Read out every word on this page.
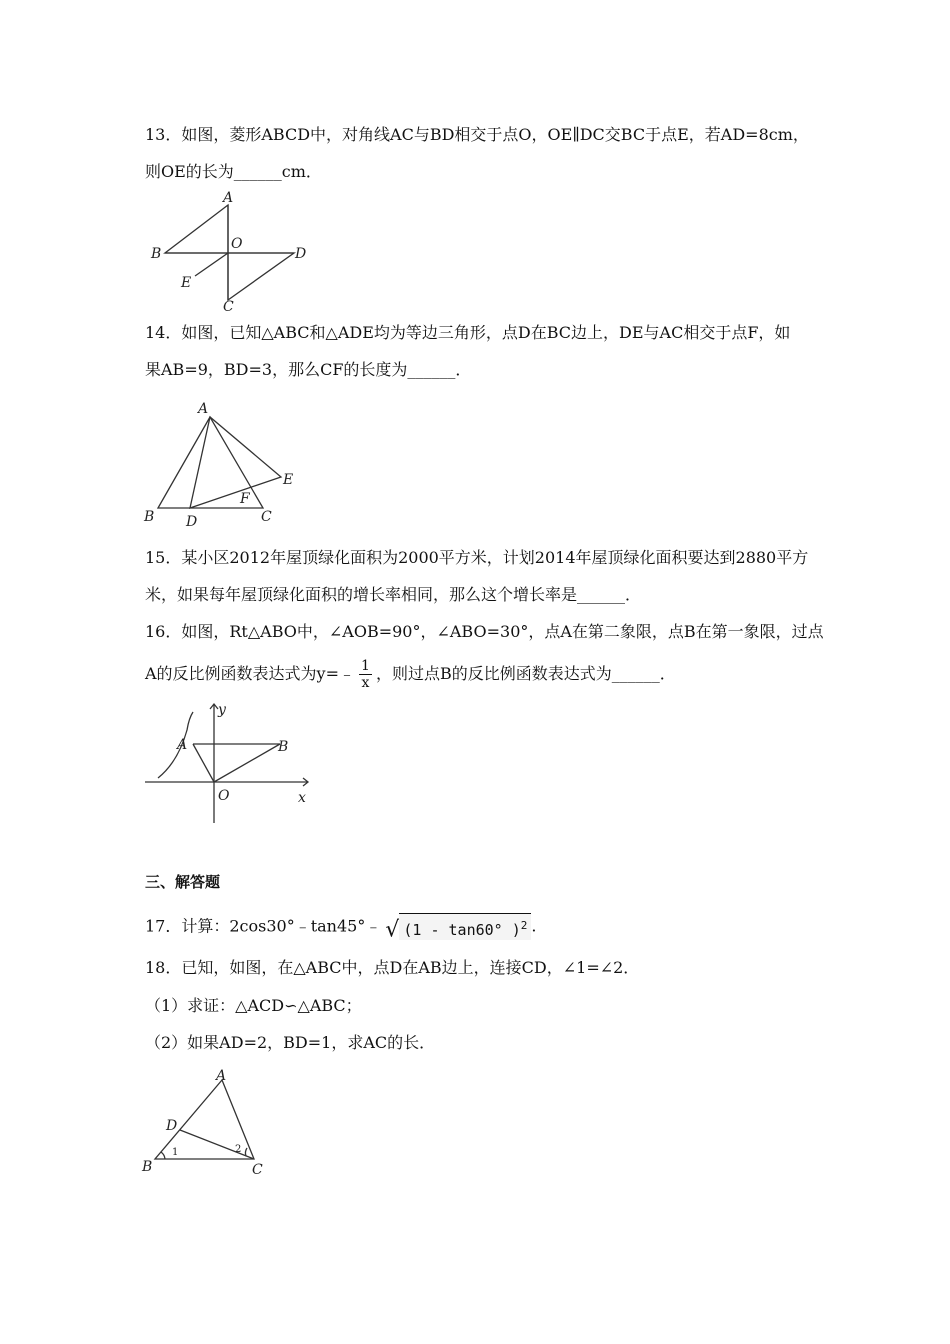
13．如图，菱形ABCD中，对角线AC与BD相交于点O，OE∥DC交BC于点E，若AD=8cm，
则OE的长为______cm．
A
B	D
O
E
C
14．如图，已知△ABC和△ADE均为等边三角形，点D在BC边上，DE与AC相交于点F，如
果AB=9，BD=3，那么CF的长度为______．
A
B D	C
E
F
15．某小区2012年屋顶绿化面积为2000平方米，计划2014年屋顶绿化面积要达到2880平方
米，如果每年屋顶绿化面积的增长率相同，那么这个增长率是______．
16．如图，Rt△ABO中，∠AOB=90°，∠ABO=30°，点A在第二象限，点B在第一象限，过点
A的反比例函数表达式为y=﹣ $\frac{1}{x}$ ，则过点B的反比例函数表达式为______．
y
A	B
O	x
三、解答题
17．计算：2cos30°﹣tan45°﹣ √ (1 - tan60° )$^2$ .
18．已知，如图，在△ABC中，点D在AB边上，连接CD，∠1=∠2．
（1）求证：△ACD∽△ABC；
（2）如果AD=2，BD=1，求AC的长．
A
D
B	C
1	2
